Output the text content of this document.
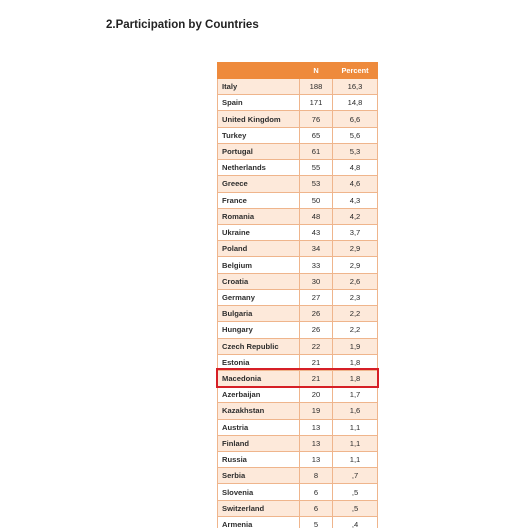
2.Participation by Countries
	N	Percent
Italy	188	16,3
Spain	171	14,8
United Kingdom	76	6,6
Turkey	65	5,6
Portugal	61	5,3
Netherlands	55	4,8
Greece	53	4,6
France	50	4,3
Romania	48	4,2
Ukraine	43	3,7
Poland	34	2,9
Belgium	33	2,9
Croatia	30	2,6
Germany	27	2,3
Bulgaria	26	2,2
Hungary	26	2,2
Czech Republic	22	1,9
Estonia	21	1,8
Macedonia	21	1,8
Azerbaijan	20	1,7
Kazakhstan	19	1,6
Austria	13	1,1
Finland	13	1,1
Russia	13	1,1
Serbia	8	,7
Slovenia	6	,5
Switzerland	6	,5
Armenia	5	,4
